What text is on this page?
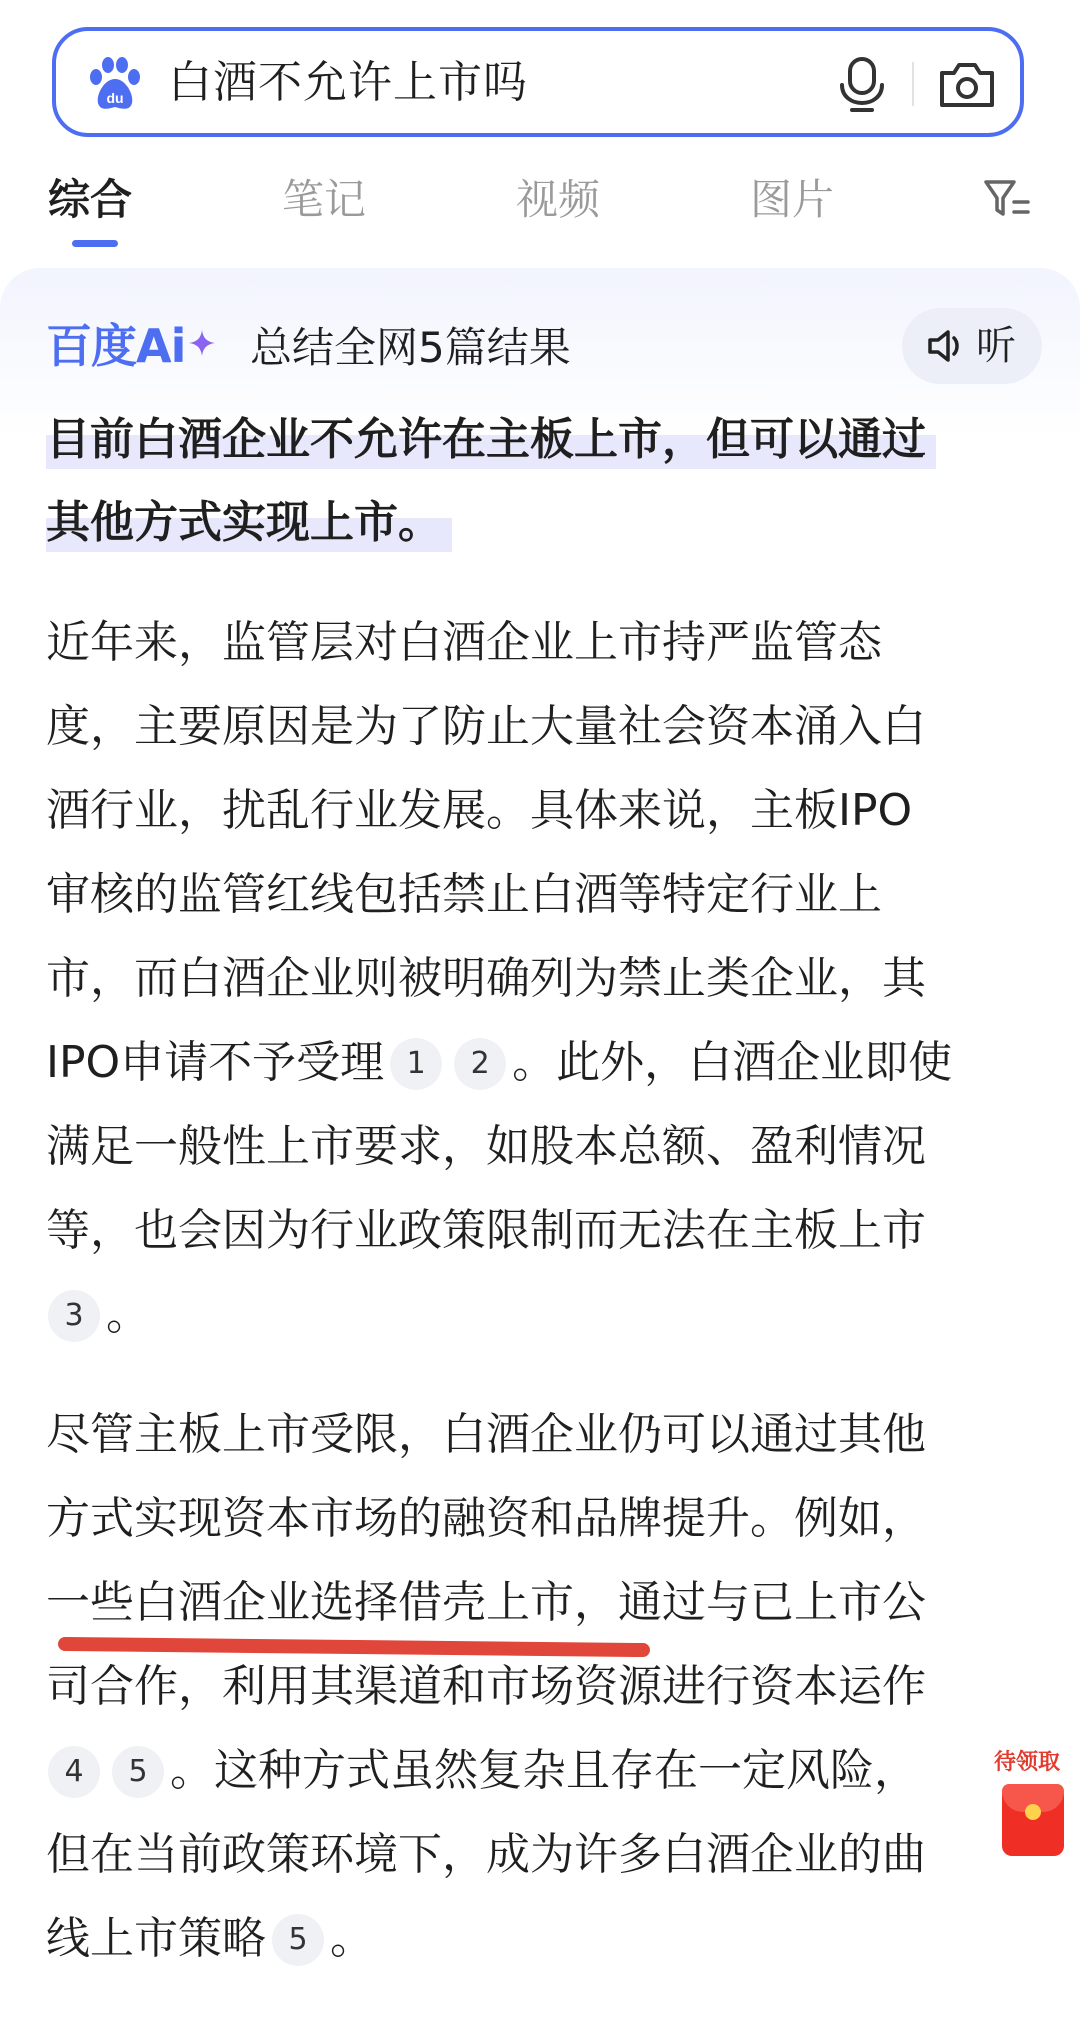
du 白酒不允许上市吗
综合	笔记	视频	图片
百度Ai	总结全网5篇结果	听
目前白酒企业不允许在主板上市，但可以通过
其他方式实现上市。
近年来，监管层对白酒企业上市持严监管态
度，主要原因是为了防止大量社会资本涌入白
酒行业，扰乱行业发展。具体来说，主板IPO
审核的监管红线包括禁止白酒等特定行业上
市，而白酒企业则被明确列为禁止类企业，其
IPO申请不予受理 1 2 。此外，白酒企业即使
满足一般性上市要求，如股本总额、盈利情况
等，也会因为行业政策限制而无法在主板上市
3 。
尽管主板上市受限，白酒企业仍可以通过其他
方式实现资本市场的融资和品牌提升。例如，
一些白酒企业选择借壳上市，通过与已上市公
司合作，利用其渠道和市场资源进行资本运作
4 5 。这种方式虽然复杂且存在一定风险，
但在当前政策环境下，成为许多白酒企业的曲
线上市策略 5 。
待领取
